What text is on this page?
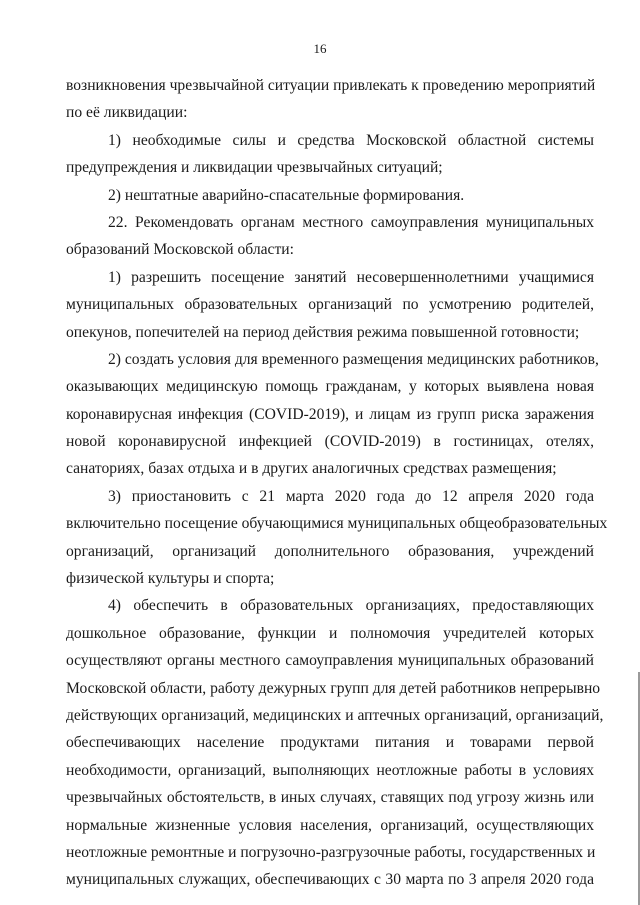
16
возникновения чрезвычайной ситуации привлекать к проведению мероприятий
по её ликвидации:
1) необходимые силы и средства Московской областной системы
предупреждения и ликвидации чрезвычайных ситуаций;
2) нештатные аварийно-спасательные формирования.
22. Рекомендовать органам местного самоуправления муниципальных
образований Московской области:
1) разрешить посещение занятий несовершеннолетними учащимися
муниципальных образовательных организаций по усмотрению родителей,
опекунов, попечителей на период действия режима повышенной готовности;
2) создать условия для временного размещения медицинских работников,
оказывающих медицинскую помощь гражданам, у которых выявлена новая
коронавирусная инфекция (COVID-2019), и лицам из групп риска заражения
новой коронавирусной инфекцией (COVID-2019) в гостиницах, отелях,
санаториях, базах отдыха и в других аналогичных средствах размещения;
3) приостановить с 21 марта 2020 года до 12 апреля 2020 года
включительно посещение обучающимися муниципальных общеобразовательных
организаций, организаций дополнительного образования, учреждений
физической культуры и спорта;
4) обеспечить в образовательных организациях, предоставляющих
дошкольное образование, функции и полномочия учредителей которых
осуществляют органы местного самоуправления муниципальных образований
Московской области, работу дежурных групп для детей работников непрерывно
действующих организаций, медицинских и аптечных организаций, организаций,
обеспечивающих население продуктами питания и товарами первой
необходимости, организаций, выполняющих неотложные работы в условиях
чрезвычайных обстоятельств, в иных случаях, ставящих под угрозу жизнь или
нормальные жизненные условия населения, организаций, осуществляющих
неотложные ремонтные и погрузочно-разгрузочные работы, государственных и
муниципальных служащих, обеспечивающих с 30 марта по 3 апреля 2020 года
